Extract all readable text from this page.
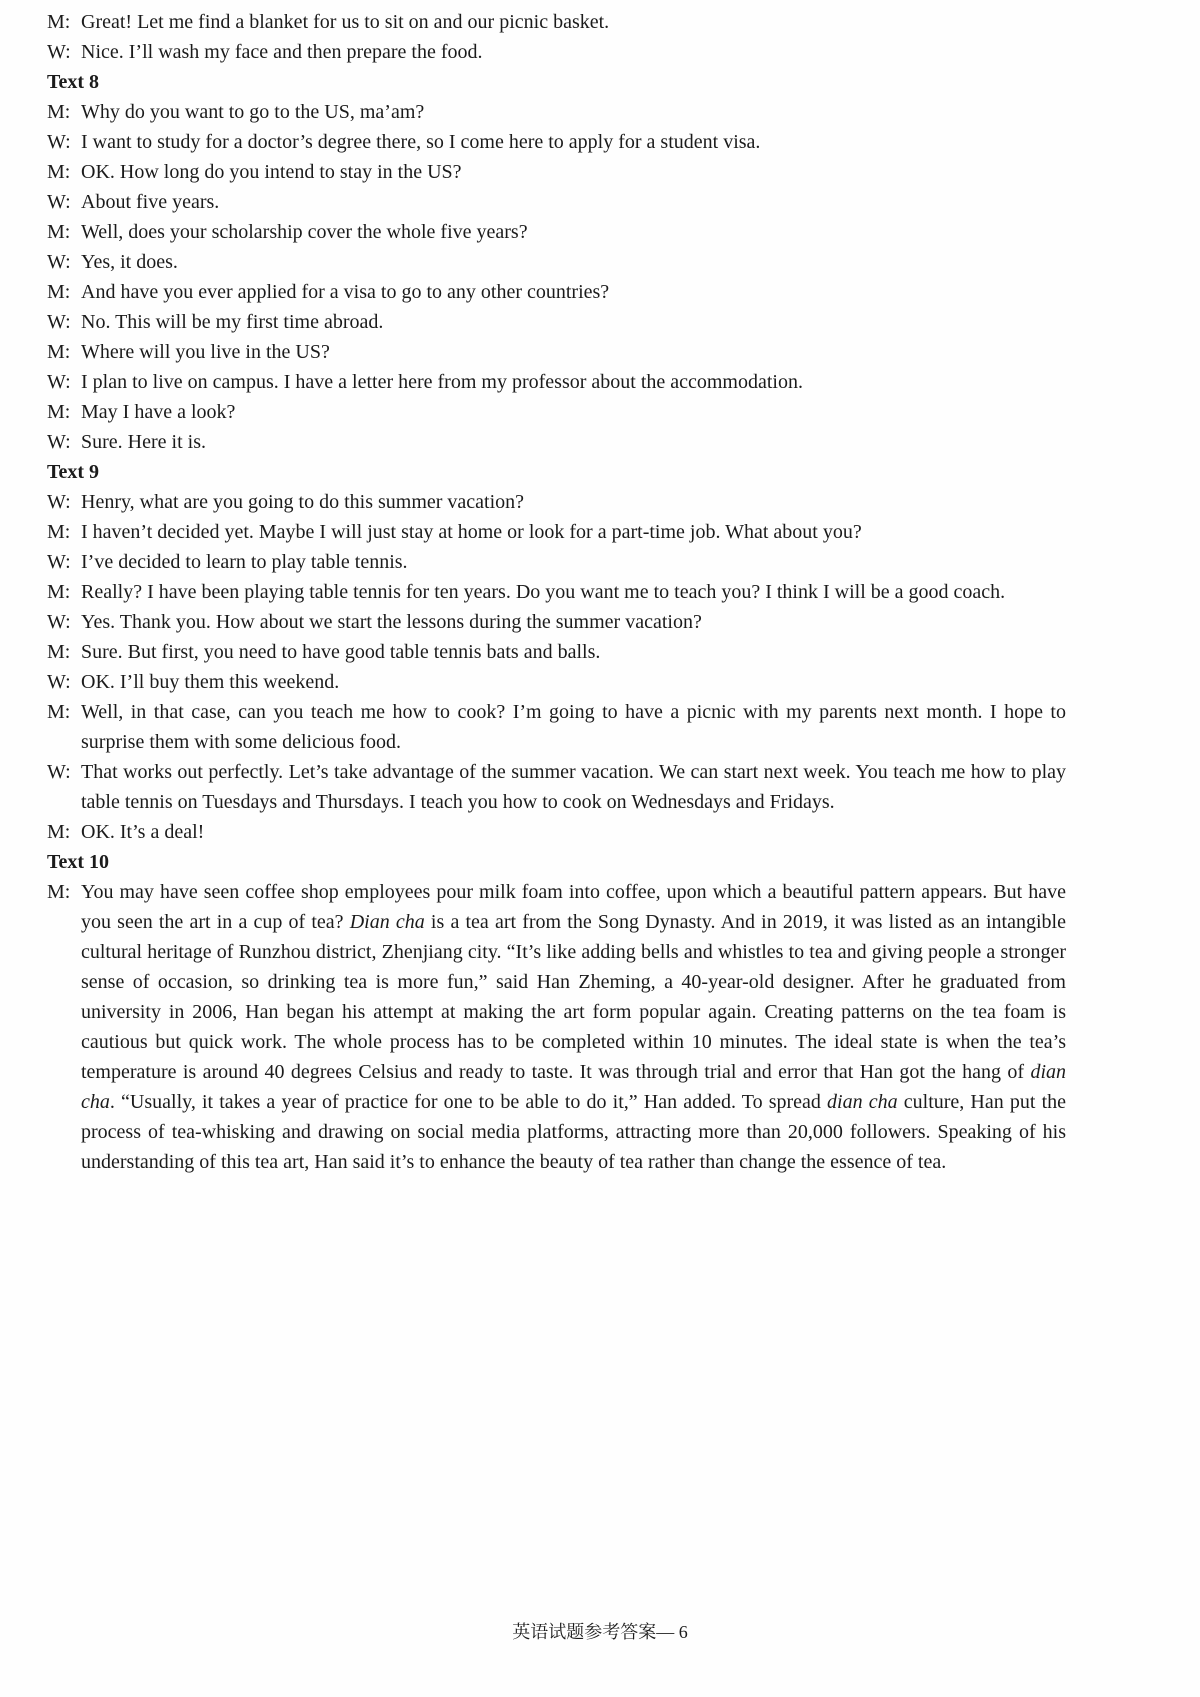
M: Great! Let me find a blanket for us to sit on and our picnic basket.
W: Nice. I’ll wash my face and then prepare the food.
Text 8
M: Why do you want to go to the US, ma’am?
W: I want to study for a doctor’s degree there, so I come here to apply for a student visa.
M: OK. How long do you intend to stay in the US?
W: About five years.
M: Well, does your scholarship cover the whole five years?
W: Yes, it does.
M: And have you ever applied for a visa to go to any other countries?
W: No. This will be my first time abroad.
M: Where will you live in the US?
W: I plan to live on campus. I have a letter here from my professor about the accommodation.
M: May I have a look?
W: Sure. Here it is.
Text 9
W: Henry, what are you going to do this summer vacation?
M: I haven’t decided yet. Maybe I will just stay at home or look for a part-time job. What about you?
W: I’ve decided to learn to play table tennis.
M: Really? I have been playing table tennis for ten years. Do you want me to teach you? I think I will be a good coach.
W: Yes. Thank you. How about we start the lessons during the summer vacation?
M: Sure. But first, you need to have good table tennis bats and balls.
W: OK. I’ll buy them this weekend.
M: Well, in that case, can you teach me how to cook? I’m going to have a picnic with my parents next month. I hope to surprise them with some delicious food.
W: That works out perfectly. Let’s take advantage of the summer vacation. We can start next week. You teach me how to play table tennis on Tuesdays and Thursdays. I teach you how to cook on Wednesdays and Fridays.
M: OK. It’s a deal!
Text 10
M: You may have seen coffee shop employees pour milk foam into coffee, upon which a beautiful pattern appears. But have you seen the art in a cup of tea? Dian cha is a tea art from the Song Dynasty. And in 2019, it was listed as an intangible cultural heritage of Runzhou district, Zhenjiang city. “It’s like adding bells and whistles to tea and giving people a stronger sense of occasion, so drinking tea is more fun,” said Han Zheming, a 40-year-old designer. After he graduated from university in 2006, Han began his attempt at making the art form popular again. Creating patterns on the tea foam is cautious but quick work. The whole process has to be completed within 10 minutes. The ideal state is when the tea’s temperature is around 40 degrees Celsius and ready to taste. It was through trial and error that Han got the hang of dian cha. “Usually, it takes a year of practice for one to be able to do it,” Han added. To spread dian cha culture, Han put the process of tea-whisking and drawing on social media platforms, attracting more than 20,000 followers. Speaking of his understanding of this tea art, Han said it’s to enhance the beauty of tea rather than change the essence of tea.
英语试题参考答案— 6
